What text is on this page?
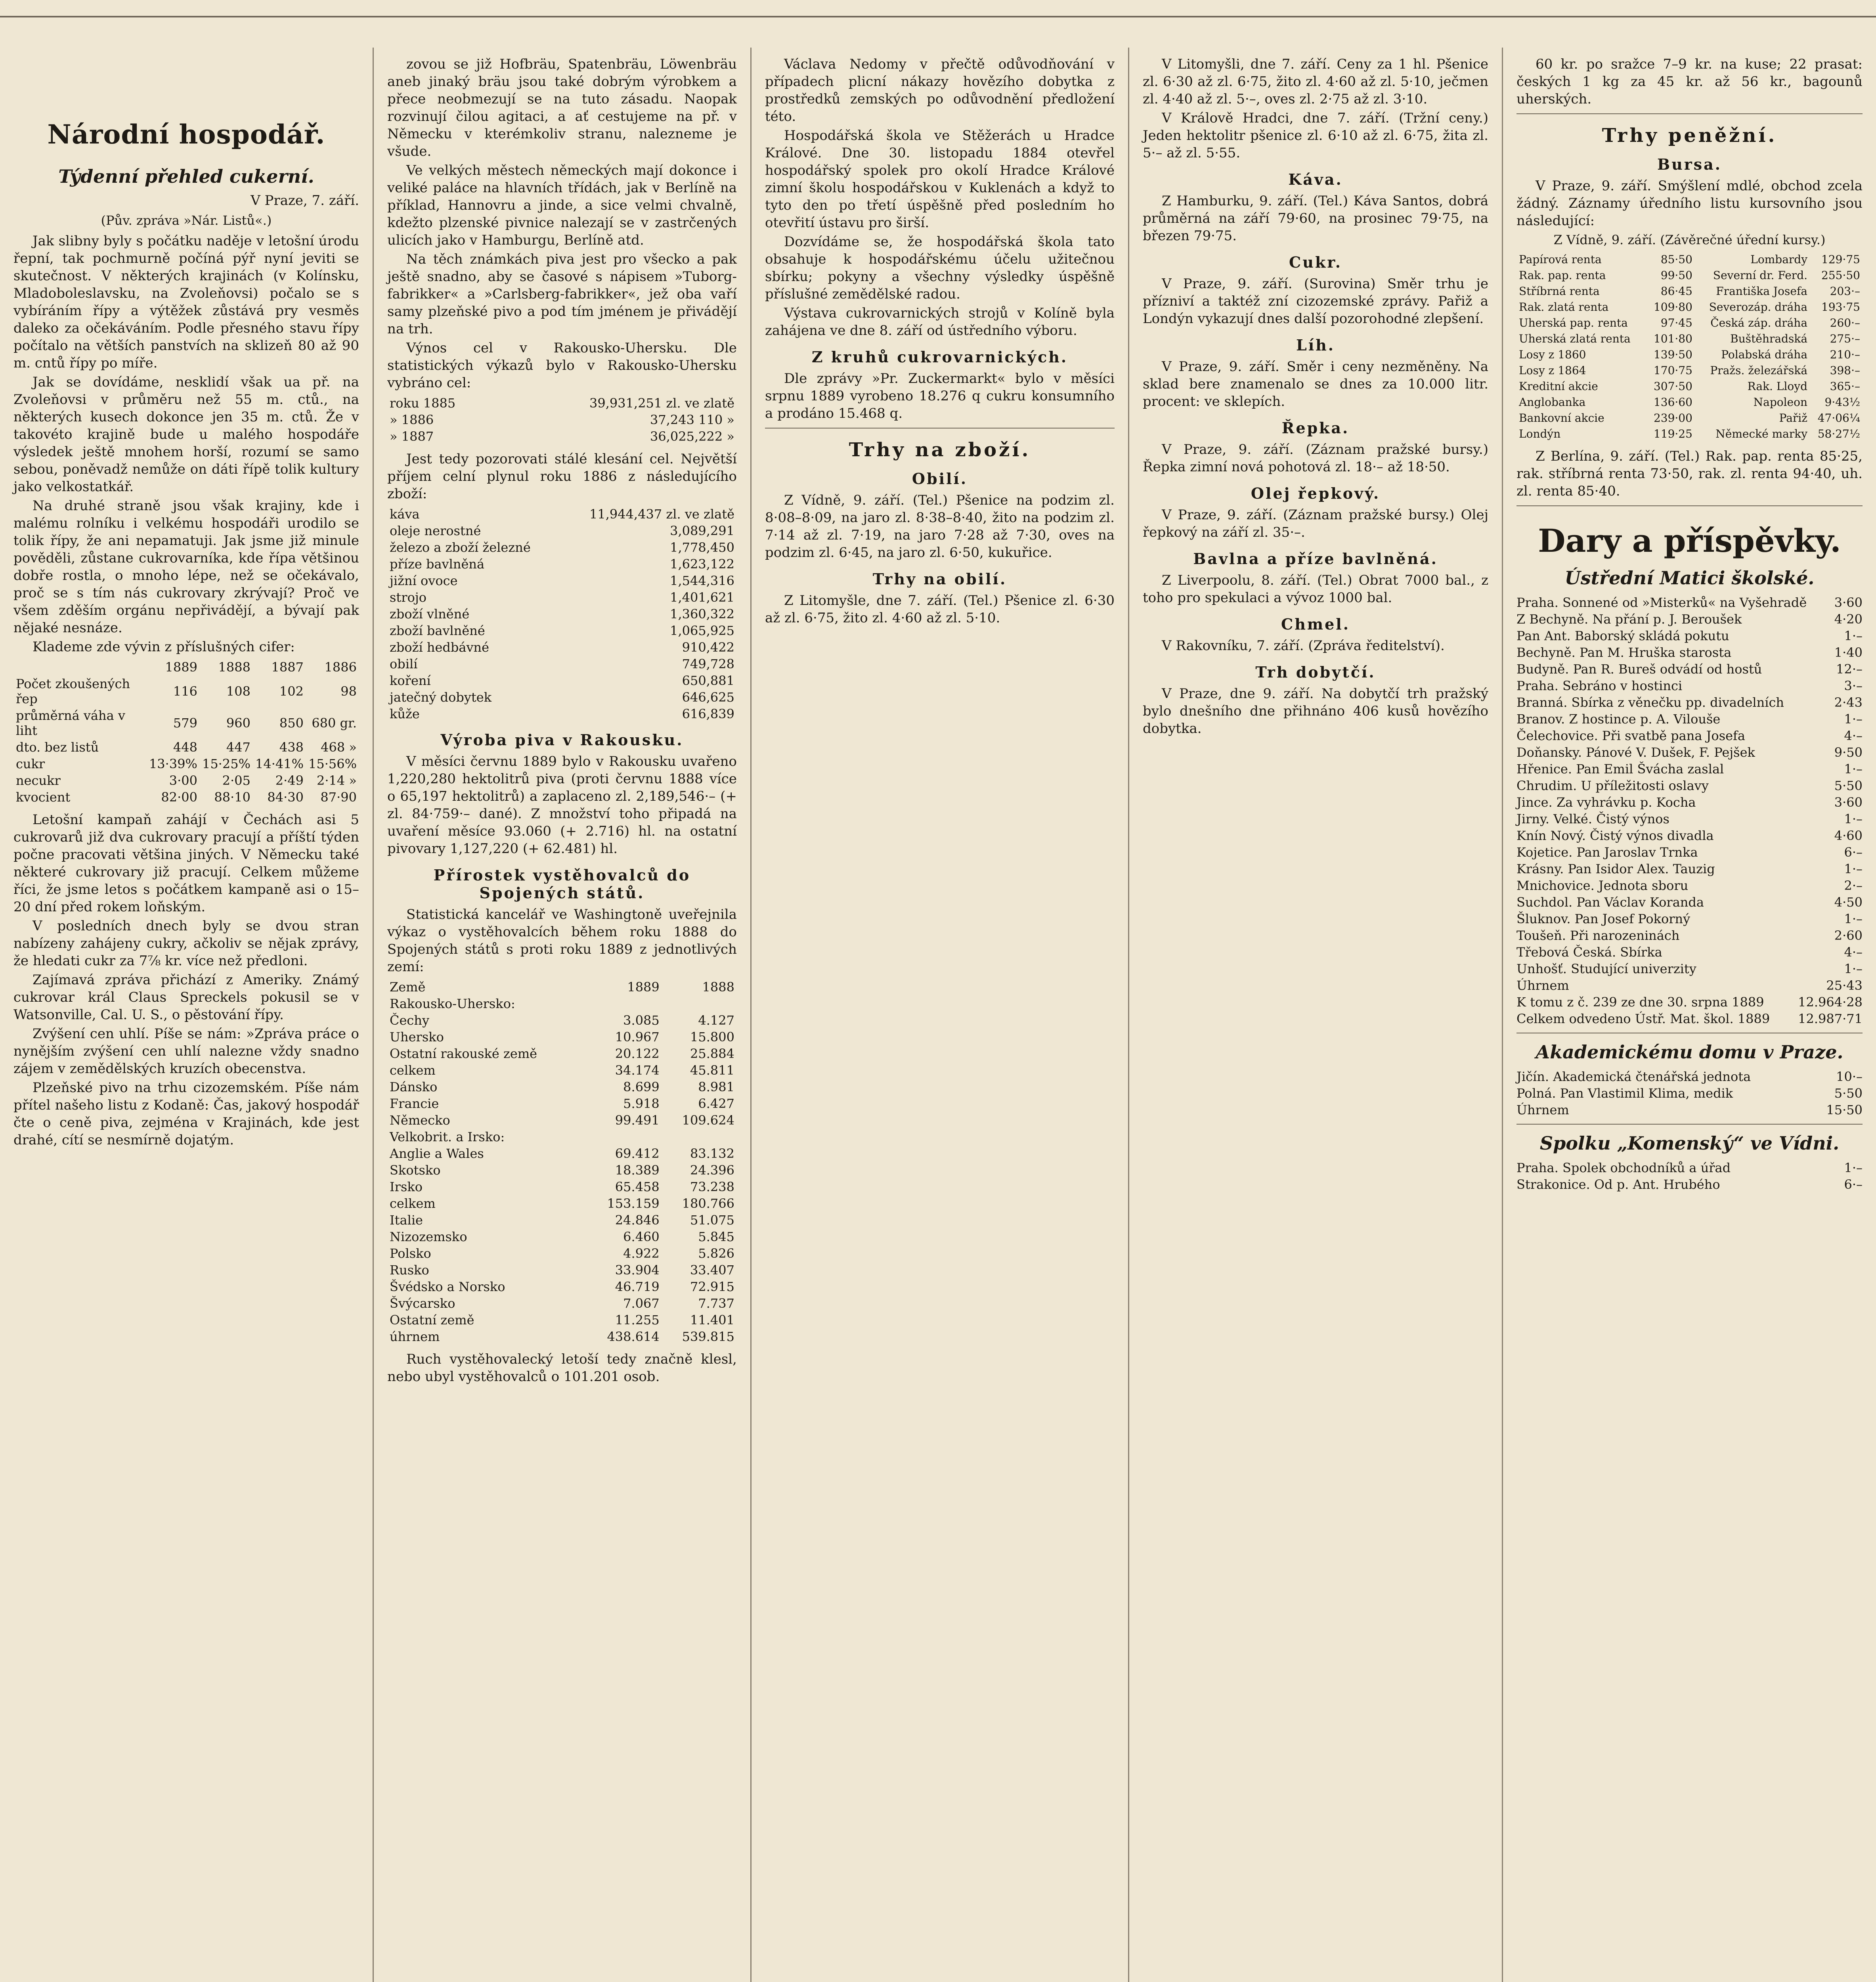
Národní hospodář.
Týdenní přehled cukerní.
V Praze, 7. září.

(Pův. zpráva »Nár. Listů«.)

Jak slibny byly s počátku naděje v letošní úrodu řepní, tak pochmurně počíná pýř nyní jeviti se skutečnost. V některých krajinách (v Kolínsku, Mladoboleslavsku, na Zvoleňovsi) počalo se s vybíráním řípy a výtěžek zůstává pry vesměs daleko za očekáváním. Podle přesného stavu řípy počítalo na větších panstvích na sklizeň 80 až 90 m. cntů řípy po míře.

Jak se dovídáme, nesklidí však ua př. na Zvoleňovsi v průměru než 55 m. ctů., na některých kusech dokonce jen 35 m. ctů. Že v takovéto krajině bude u malého hospodáře výsledek ještě mnohem horší, rozumí se samo sebou, poněvadž nemůže on dáti řípě tolik kultury jako velkostatkář.

Na druhé straně jsou však krajiny, kde i malému rolníku i velkému hospodáři urodilo se tolik řípy, že ani nepamatuji. Jak jsme již minule pověděli, zůstane cukrovarníka, kde řípa většinou dobře rostla, o mnoho lépe, než se očekávalo, proč se s tím nás cukrovary zkrývají? Proč ve všem zděším orgánu nepřivádějí, a bývají pak nějaké nesnáze.

Klademe zde vývin z příslušných cifer:

	1889	1888	1887	1886
Počet zkoušených řep	116	108	102	98
průměrná váha v liht	579	960	850	680 gr.
dto. bez listů	448	447	438	468 »
cukr	13·39%	15·25%	14·41%	15·56%
necukr	3·00	2·05	2·49	2·14 »
kvocient	82·00	88·10	84·30	87·90

Letošní kampaň zahájí v Čechách asi 5 cukrovarů již dva cukrovary pracují a příští týden počne pracovati většina jiných. V Německu také některé cukrovary již pracují. Celkem můžeme říci, že jsme letos s počátkem kampaně asi o 15–20 dní před rokem loňským.

V posledních dnech byly se dvou stran nabízeny zahájeny cukry, ačkoliv se nějak zprávy, že hledati cukr za 7⅞ kr. více než předloni.

Zajímavá zpráva přichází z Ameriky. Známý cukrovar král Claus Spreckels pokusil se v Watsonville, Cal. U. S., o pěstování řípy.

Zvýšení cen uhlí. Píše se nám: »Zpráva práce o nynějším zvýšení cen uhlí nalezne vždy snadno zájem v zemědělských kruzích obecenstva.

Plzeňské pivo na trhu cizozemském. Píše nám přítel našeho listu z Kodaně: Čas, jakový hospodář čte o ceně piva, zejména v Krajinách, kde jest drahé, cítí se nesmírně dojatým.

zovou se již Hofbräu, Spatenbräu, Löwenbräu aneb jinaký bräu jsou také dobrým výrobkem a přece neobmezují se na tuto zásadu. Naopak rozvinují čilou agitaci, a ať cestujeme na př. v Německu v kterémkoliv stranu, nalezneme je všude.

Ve velkých městech německých mají dokonce i veliké paláce na hlavních třídách, jak v Berlíně na příklad, Hannovru a jinde, a sice velmi chvalně, kdežto plzenské pivnice nalezají se v zastrčených ulicích jako v Hamburgu, Berlíně atd.

Na těch známkách piva jest pro všecko a pak ještě snadno, aby se časové s nápisem »Tuborg-fabrikker« a »Carlsberg-fabrikker«, jež oba vaří samy plzeňské pivo a pod tím jménem je přivádějí na trh.

Výnos cel v Rakousko-Uhersku. Dle statistických výkazů bylo v Rakousko-Uhersku vybráno cel:

roku 1885	39,931,251 zl. ve zlatě
» 1886	37,243 110 »
» 1887	36,025,222 »

Jest tedy pozorovati stálé klesání cel. Největší příjem celní plynul roku 1886 z následujícího zboží:

káva	11,944,437 zl. ve zlatě
oleje nerostné	3,089,291
železo a zboží železné	1,778,450
příze bavlněná	1,623,122
jižní ovoce	1,544,316
strojo	1,401,621
zboží vlněné	1,360,322
zboží bavlněné	1,065,925
zboží hedbávné	910,422
obilí	749,728
koření	650,881
jatečný dobytek	646,625
kůže	616,839
Výroba piva v Rakousku.

V měsíci červnu 1889 bylo v Rakousku uvařeno 1,220,280 hektolitrů piva (proti červnu 1888 více o 65,197 hektolitrů) a zaplaceno zl. 2,189,546·– (+ zl. 84·759·– dané). Z množství toho připadá na uvaření měsíce 93.060 (+ 2.716) hl. na ostatní pivovary 1,127,220 (+ 62.481) hl.

Přírostek vystěhovalců do Spojených států.

Statistická kancelář ve Washingtoně uveřejnila výkaz o vystěhovalcích během roku 1888 do Spojených států s proti roku 1889 z jednotlivých zemí:

Země	1889	1888
Rakousko-Uhersko:		
Čechy	3.085	4.127
Uhersko	10.967	15.800
Ostatní rakouské země	20.122	25.884
celkem	34.174	45.811
Dánsko	8.699	8.981
Francie	5.918	6.427
Německo	99.491	109.624
Velkobrit. a Irsko:		
Anglie a Wales	69.412	83.132
Skotsko	18.389	24.396
Irsko	65.458	73.238
celkem	153.159	180.766
Italie	24.846	51.075
Nizozemsko	6.460	5.845
Polsko	4.922	5.826
Rusko	33.904	33.407
Švédsko a Norsko	46.719	72.915
Švýcarsko	7.067	7.737
Ostatní země	11.255	11.401
úhrnem	438.614	539.815

Ruch vystěhovalecký letoší tedy značně klesl, nebo ubyl vystěhovalců o 101.201 osob.

Václava Nedomy v přečtě odůvodňování v případech plicní nákazy hovězího dobytka z prostředků zemských po odůvodnění předložení této.

Hospodářská škola ve Stěžerách u Hradce Králové. Dne 30. listopadu 1884 otevřel hospodářský spolek pro okolí Hradce Králové zimní školu hospodářskou v Kuklenách a když to tyto den po třetí úspěšně před posledním ho otevřití ústavu pro širší.

Dozvídáme se, že hospodářská škola tato obsahuje k hospodářskému účelu užitečnou sbírku; pokyny a všechny výsledky úspěšně příslušné zemědělské radou.

Výstava cukrovarnických strojů v Kolíně byla zahájena ve dne 8. září od ústředního výboru.

Z kruhů cukrovarnických.

Dle zprávy »Pr. Zuckermarkt« bylo v měsíci srpnu 1889 vyrobeno 18.276 q cukru konsumního a prodáno 15.468 q.

Trhy na zboží.
Obilí.

Z Vídně, 9. září. (Tel.) Pšenice na podzim zl. 8·08–8·09, na jaro zl. 8·38–8·40, žito na podzim zl. 7·14 až zl. 7·19, na jaro 7·28 až 7·30, oves na podzim zl. 6·45, na jaro zl. 6·50, kukuřice.

Trhy na obilí.

Z Litomyšle, dne 7. září. (Tel.) Pšenice zl. 6·30 až zl. 6·75, žito zl. 4·60 až zl. 5·10.

V Litomyšli, dne 7. září. Ceny za 1 hl. Pšenice zl. 6·30 až zl. 6·75, žito zl. 4·60 až zl. 5·10, ječmen zl. 4·40 až zl. 5·–, oves zl. 2·75 až zl. 3·10.

V Králově Hradci, dne 7. září. (Tržní ceny.) Jeden hektolitr pšenice zl. 6·10 až zl. 6·75, žita zl. 5·– až zl. 5·55.

Káva.

Z Hamburku, 9. září. (Tel.) Káva Santos, dobrá průměrná na září 79·60, na prosinec 79·75, na březen 79·75.

Cukr.

V Praze, 9. září. (Surovina) Směr trhu je přízniví a taktéž zní cizozemské zprávy. Pařiž a Londýn vykazují dnes další pozorohodné zlepšení.

Líh.

V Praze, 9. září. Směr i ceny nezměněny. Na sklad bere znamenalo se dnes za 10.000 litr. procent: ve sklepích.

Řepka.

V Praze, 9. září. (Záznam pražské bursy.) Řepka zimní nová pohotová zl. 18·– až 18·50.

Olej řepkový.

V Praze, 9. září. (Záznam pražské bursy.) Olej řepkový na září zl. 35·–.

Bavlna a příze bavlněná.

Z Liverpoolu, 8. září. (Tel.) Obrat 7000 bal., z toho pro spekulaci a vývoz 1000 bal.

Chmel.

V Rakovníku, 7. září. (Zpráva ředitelství).

Trh dobytčí.

V Praze, dne 9. září. Na dobytčí trh pražský bylo dnešního dne přihnáno 406 kusů hovězího dobytka.

60 kr. po sražce 7–9 kr. na kuse; 22 prasat: českých 1 kg za 45 kr. až 56 kr., bagounů uherských.

Trhy peněžní.
Bursa.

V Praze, 9. září. Smýšlení mdlé, obchod zcela žádný. Záznamy úředního listu kursovního jsou následující:

Z Vídně, 9. září. (Závěrečné úřední kursy.)

Papírová renta	85·50	Lombardy	129·75
Rak. pap. renta	99·50	Severní dr. Ferd.	255·50
Stříbrná renta	86·45	Františka Josefa	203·–
Rak. zlatá renta	109·80	Severozáp. dráha	193·75
Uherská pap. renta	97·45	Česká záp. dráha	260·–
Uherská zlatá renta	101·80	Buštěhradská	275·–
Losy z 1860	139·50	Polabská dráha	210·–
Losy z 1864	170·75	Pražs. železářská	398·–
Kreditní akcie	307·50	Rak. Lloyd	365·–
Anglobanka	136·60	Napoleon	9·43½
Bankovní akcie	239·00	Pařiž	47·06¼
Londýn	119·25	Německé marky	58·27½

Z Berlína, 9. září. (Tel.) Rak. pap. renta 85·25, rak. stříbrná renta 73·50, rak. zl. renta 94·40, uh. zl. renta 85·40.

Dary a příspěvky.
Ústřední Matici školské.
Praha. Sonnené od »Misterků« na Vyšehradě	3·60
Z Bechyně. Na přání p. J. Beroušek	4·20
Pan Ant. Baborský skládá pokutu	1·–
Bechyně. Pan M. Hruška starosta	1·40
Budyně. Pan R. Bureš odvádí od hostů	12·–
Praha. Sebráno v hostinci	3·–
Branná. Sbírka z věnečku pp. divadelních	2·43
Branov. Z hostince p. A. Vilouše	1·–
Čelechovice. Při svatbě pana Josefa	4·–
Doňansky. Pánové V. Dušek, F. Pejšek	9·50
Hřenice. Pan Emil Švácha zaslal	1·–
Chrudim. U příležitosti oslavy	5·50
Jince. Za vyhrávku p. Kocha	3·60
Jirny. Velké. Čistý výnos	1·–
Knín Nový. Čistý výnos divadla	4·60
Kojetice. Pan Jaroslav Trnka	6·–
Krásny. Pan Isidor Alex. Tauzig	1·–
Mnichovice. Jednota sboru	2·–
Suchdol. Pan Václav Koranda	4·50
Šluknov. Pan Josef Pokorný	1·–
Toušeň. Při narozeninách	2·60
Třebová Česká. Sbírka	4·–
Unhošť. Studující univerzity	1·–
Úhrnem	25·43
K tomu z č. 239 ze dne 30. srpna 1889	12.964·28
Celkem odvedeno Ústř. Mat. škol. 1889	12.987·71
Akademickému domu v Praze.
Jičín. Akademická čtenářská jednota	10·–
Polná. Pan Vlastimil Klima, medik	5·50
Úhrnem	15·50
Spolku „Komenský“ ve Vídni.
Praha. Spolek obchodníků a úřad	1·–
Strakonice. Od p. Ant. Hrubého	6·–
